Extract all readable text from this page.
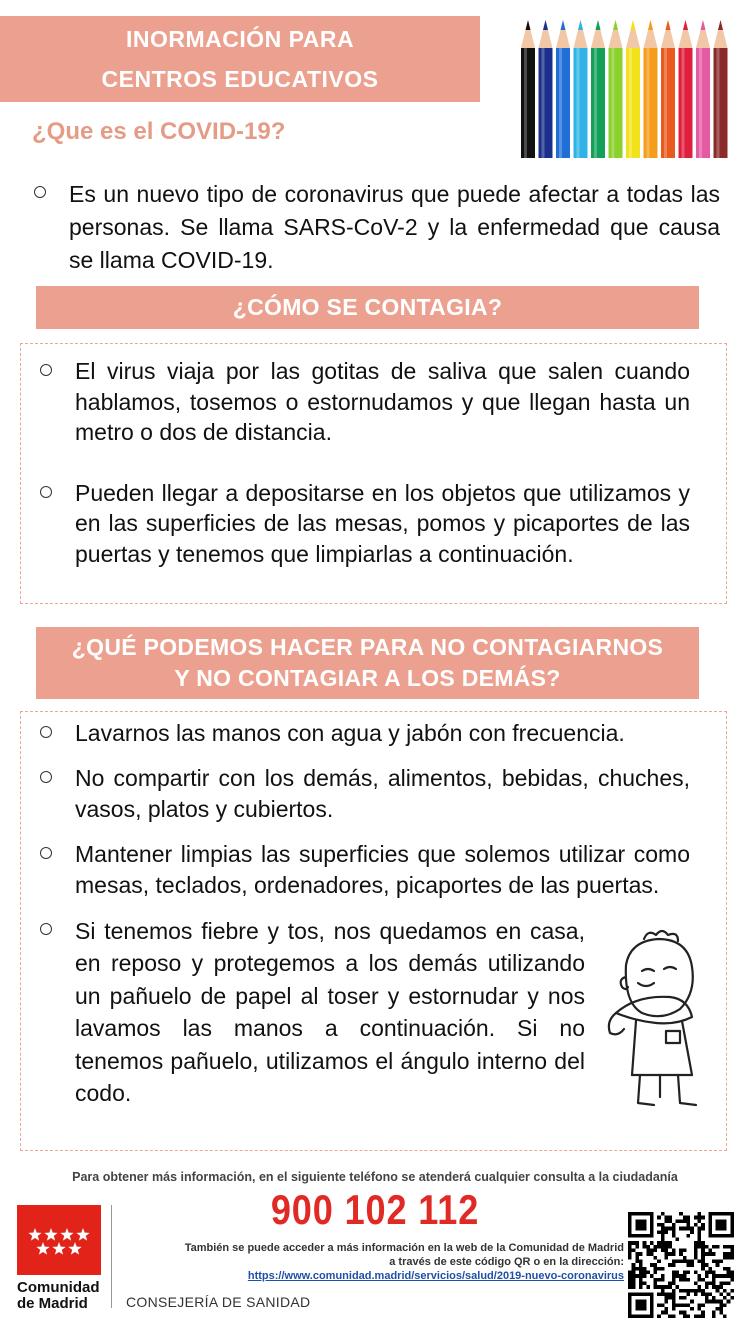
INORMACIÓN PARA
CENTROS EDUCATIVOS
¿Que es el COVID-19?
Es un nuevo tipo de coronavirus que puede afectar a todas las personas. Se llama SARS-CoV-2 y la enfermedad que causa se llama COVID-19.
¿CÓMO SE CONTAGIA?
El virus viaja por las gotitas de saliva que salen cuando hablamos, tosemos o estornudamos y que llegan hasta un metro o dos de distancia.
Pueden llegar a depositarse en los objetos que utilizamos y en las superficies de las mesas, pomos y picaportes de las puertas y tenemos que limpiarlas a continuación.
¿QUÉ PODEMOS HACER PARA NO CONTAGIARNOS
Y NO CONTAGIAR A LOS DEMÁS?
Lavarnos las manos con agua y jabón con frecuencia.
No compartir con los demás, alimentos, bebidas, chuches, vasos, platos y cubiertos.
Mantener limpias las superficies que solemos utilizar como mesas, teclados, ordenadores, picaportes de las puertas.
Si tenemos fiebre y tos, nos quedamos en casa, en reposo y protegemos a los demás utilizando un pañuelo de papel al toser y estornudar y nos lavamos las manos a continuación. Si no tenemos pañuelo, utilizamos el ángulo interno del codo.
Para obtener más información, en el siguiente teléfono se atenderá cualquier consulta a la ciudadanía
900 102 112
También se puede acceder a más información en la web de la Comunidad de Madrid
a través de este código QR o en la dirección:
https://www.comunidad.madrid/servicios/salud/2019-nuevo-coronavirus
Comunidad
de Madrid	CONSEJERÍA DE SANIDAD
